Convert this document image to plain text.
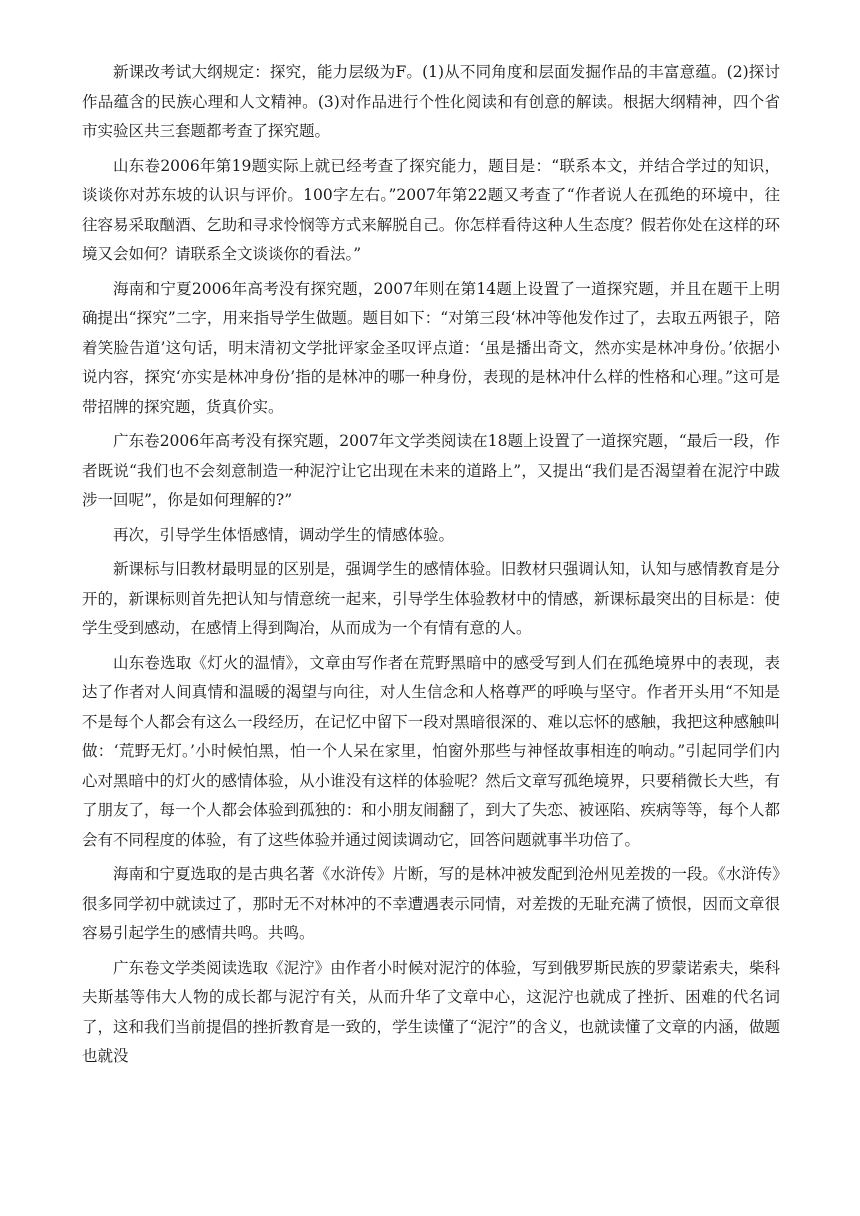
新课改考试大纲规定：探究，能力层级为F。(1)从不同角度和层面发掘作品的丰富意蕴。(2)探讨作品蕴含的民族心理和人文精神。(3)对作品进行个性化阅读和有创意的解读。根据大纲精神，四个省市实验区共三套题都考查了探究题。

山东卷2006年第19题实际上就已经考查了探究能力，题目是：“联系本文，并结合学过的知识，谈谈你对苏东坡的认识与评价。100字左右。”2007年第22题又考查了“作者说人在孤绝的环境中，往往容易采取酗酒、乞助和寻求怜悯等方式来解脱自己。你怎样看待这种人生态度？假若你处在这样的环境又会如何？请联系全文谈谈你的看法。”

海南和宁夏2006年高考没有探究题，2007年则在第14题上设置了一道探究题，并且在题干上明确提出“探究”二字，用来指导学生做题。题目如下：“对第三段‘林冲等他发作过了，去取五两银子，陪着笑脸告道’这句话，明末清初文学批评家金圣叹评点道：‘虽是播出奇文，然亦实是林冲身份。’依据小说内容，探究‘亦实是林冲身份’指的是林冲的哪一种身份，表现的是林冲什么样的性格和心理。”这可是带招牌的探究题，货真价实。

广东卷2006年高考没有探究题，2007年文学类阅读在18题上设置了一道探究题，“最后一段，作者既说“我们也不会刻意制造一种泥泞让它出现在未来的道路上”，又提出“我们是否渴望着在泥泞中跋涉一回呢”，你是如何理解的?”

再次，引导学生体悟感情，调动学生的情感体验。

新课标与旧教材最明显的区别是，强调学生的感情体验。旧教材只强调认知，认知与感情教育是分开的，新课标则首先把认知与情意统一起来，引导学生体验教材中的情感，新课标最突出的目标是：使学生受到感动，在感情上得到陶冶，从而成为一个有情有意的人。

山东卷选取《灯火的温情》，文章由写作者在荒野黑暗中的感受写到人们在孤绝境界中的表现，表达了作者对人间真情和温暖的渴望与向往，对人生信念和人格尊严的呼唤与坚守。作者开头用“不知是不是每个人都会有这么一段经历，在记忆中留下一段对黑暗很深的、难以忘怀的感触，我把这种感触叫做：‘荒野无灯。’小时候怕黑，怕一个人呆在家里，怕窗外那些与神怪故事相连的响动。”引起同学们内心对黑暗中的灯火的感情体验，从小谁没有这样的体验呢？然后文章写孤绝境界，只要稍微长大些，有了朋友了，每一个人都会体验到孤独的：和小朋友闹翻了，到大了失恋、被诬陷、疾病等等，每个人都会有不同程度的体验，有了这些体验并通过阅读调动它，回答问题就事半功倍了。

海南和宁夏选取的是古典名著《水浒传》片断，写的是林冲被发配到沧州见差拨的一段。《水浒传》很多同学初中就读过了，那时无不对林冲的不幸遭遇表示同情，对差拨的无耻充满了愤恨，因而文章很容易引起学生的感情共鸣。共鸣。

广东卷文学类阅读选取《泥泞》由作者小时候对泥泞的体验，写到俄罗斯民族的罗蒙诺索夫，柴科夫斯基等伟大人物的成长都与泥泞有关，从而升华了文章中心，这泥泞也就成了挫折、困难的代名词了，这和我们当前提倡的挫折教育是一致的，学生读懂了“泥泞”的含义，也就读懂了文章的内涵，做题也就没
